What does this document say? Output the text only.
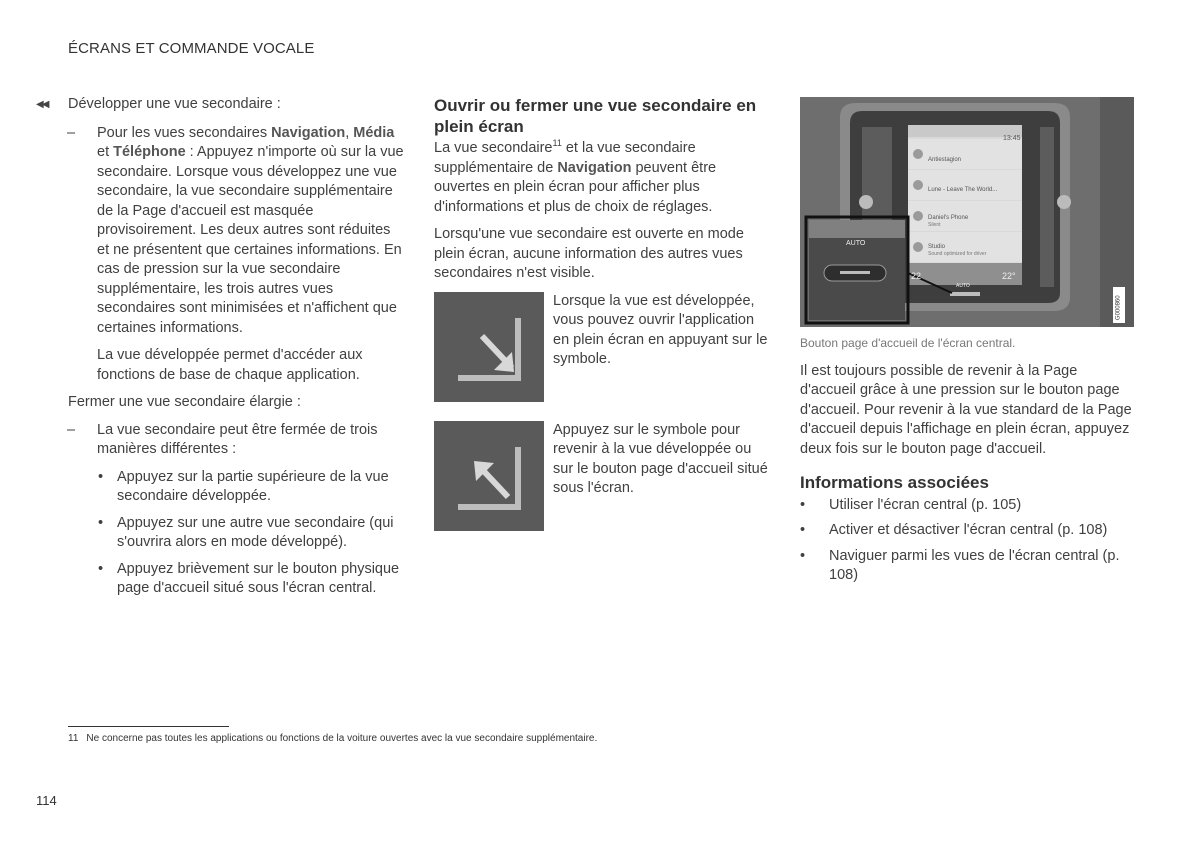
ÉCRANS ET COMMANDE VOCALE
◀◀ Développer une vue secondaire :
– Pour les vues secondaires Navigation, Média et Téléphone : Appuyez n'importe où sur la vue secondaire. Lorsque vous développez une vue secondaire, la vue secondaire supplémentaire de la Page d'accueil est masquée provisoirement. Les deux autres sont réduites et ne présentent que certaines informations. En cas de pression sur la vue secondaire supplémentaire, les trois autres vues secondaires sont minimisées et n'affichent que certaines informations.
La vue développée permet d'accéder aux fonctions de base de chaque application.
Fermer une vue secondaire élargie :
– La vue secondaire peut être fermée de trois manières différentes :
• Appuyez sur la partie supérieure de la vue secondaire développée.
• Appuyez sur une autre vue secondaire (qui s'ouvrira alors en mode développé).
• Appuyez brièvement sur le bouton physique page d'accueil situé sous l'écran central.
Ouvrir ou fermer une vue secondaire en plein écran

La vue secondaire$^{11}$ et la vue secondaire supplémentaire de Navigation peuvent être ouvertes en plein écran pour afficher plus d'informations et plus de choix de réglages.

Lorsqu'une vue secondaire est ouverte en mode plein écran, aucune information des autres vues secondaires n'est visible.

Lorsque la vue est développée, vous pouvez ouvrir l'application en plein écran en appuyant sur le symbole.
Appuyez sur le symbole pour revenir à la vue développée ou sur le bouton page d'accueil situé sous l'écran.
13:45
Antiestagion
Lune - Leave The World...
Daniel's Phone
Silent
Studio
Sound optimized for driver
22
AUTO
22°
AUTO
G000860
Bouton page d'accueil de l'écran central.

Il est toujours possible de revenir à la Page d'accueil grâce à une pression sur le bouton page d'accueil. Pour revenir à la vue standard de la Page d'accueil depuis l'affichage en plein écran, appuyez deux fois sur le bouton page d'accueil.

Informations associées
• Utiliser l'écran central (p. 105)
• Activer et désactiver l'écran central (p. 108)
• Naviguer parmi les vues de l'écran central (p. 108)
11 Ne concerne pas toutes les applications ou fonctions de la voiture ouvertes avec la vue secondaire supplémentaire.
114
